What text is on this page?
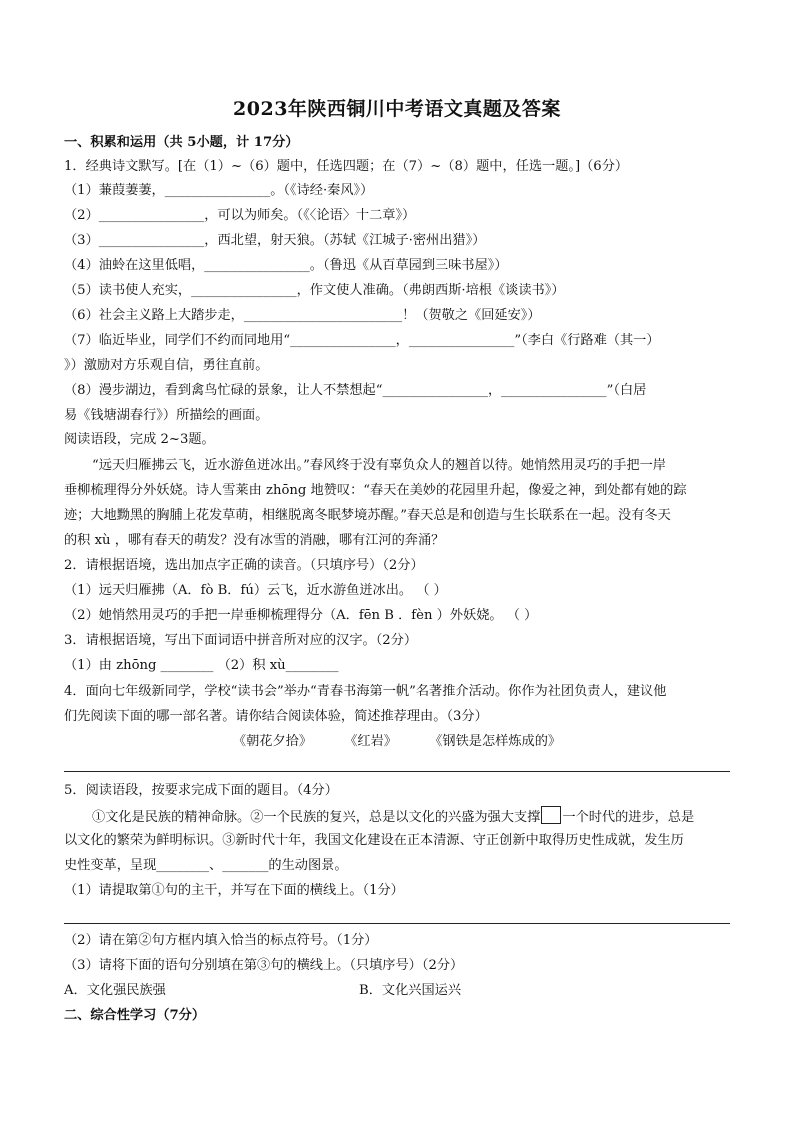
2023年陕西铜川中考语文真题及答案
一、积累和运用（共 5小题，计 17分）
1．经典诗文默写。[在（1）~（6）题中，任选四题；在（7）~（8）题中，任选一题。]（6分）
（1）蒹葭萋萋，________________。（《诗经·秦风》）
（2）________________，可以为师矣。（《〈论语〉十二章》）
（3）________________，西北望，射天狼。（苏轼《江城子·密州出猎》）
（4）油蛉在这里低唱，________________。（鲁迅《从百草园到三味书屋》）
（5）读书使人充实，________________，作文使人准确。（弗朗西斯·培根《谈读书》）
（6）社会主义路上大踏步走，________________________！（贺敬之《回延安》）
（7）临近毕业，同学们不约而同地用“________________，________________”（李白《行路难（其一）
》）激励对方乐观自信，勇往直前。
（8）漫步湖边，看到禽鸟忙碌的景象，让人不禁想起“________________，________________”（白居
易《钱塘湖春行》）所描绘的画面。
阅读语段，完成 2~3题。
“远天归雁拂云飞，近水游鱼迸冰出。”春风终于没有辜负众人的翘首以待。她悄然用灵巧的手把一岸
垂柳梳理得分外妖娆。诗人雪莱由 zhōng 地赞叹：“春天在美妙的花园里升起，像爱之神，到处都有她的踪
迹；大地黝黑的胸脯上花发草萌，相继脱离冬眠梦境苏醒。”春天总是和创造与生长联系在一起。没有冬天
的积 xù ，哪有春天的萌发？没有冰雪的消融，哪有江河的奔涌？
2．请根据语境，选出加点字正确的读音。（只填序号）（2分）
（1）远天归雁拂（A．fò B．fú）云飞，近水游鱼迸冰出。 （ ）
（2）她悄然用灵巧的手把一岸垂柳梳理得分（A．fēn B ．fèn ）外妖娆。 （ ）
3．请根据语境，写出下面词语中拼音所对应的汉字。（2分）
（1）由 zhōng ________ （2）积 xù________
4．面向七年级新同学，学校“读书会”举办“青春书海第一帆”名著推介活动。你作为社团负责人，建议他
们先阅读下面的哪一部名著。请你结合阅读体验，简述推荐理由。（3分）
《朝花夕拾》 《红岩》 《钢铁是怎样炼成的》
5．阅读语段，按要求完成下面的题目。（4分）
①文化是民族的精神命脉。②一个民族的复兴，总是以文化的兴盛为强大支撑 一个时代的进步，总是
以文化的繁荣为鲜明标识。③新时代十年，我国文化建设在正本清源、守正创新中取得历史性成就，发生历
史性变革，呈现________、_______的生动图景。
（1）请提取第①句的主干，并写在下面的横线上。（1分）
（2）请在第②句方框内填入恰当的标点符号。（1分）
（3）请将下面的语句分别填在第③句的横线上。（只填序号）（2分）
A．文化强民族强	B．文化兴国运兴
二、综合性学习（7分）
